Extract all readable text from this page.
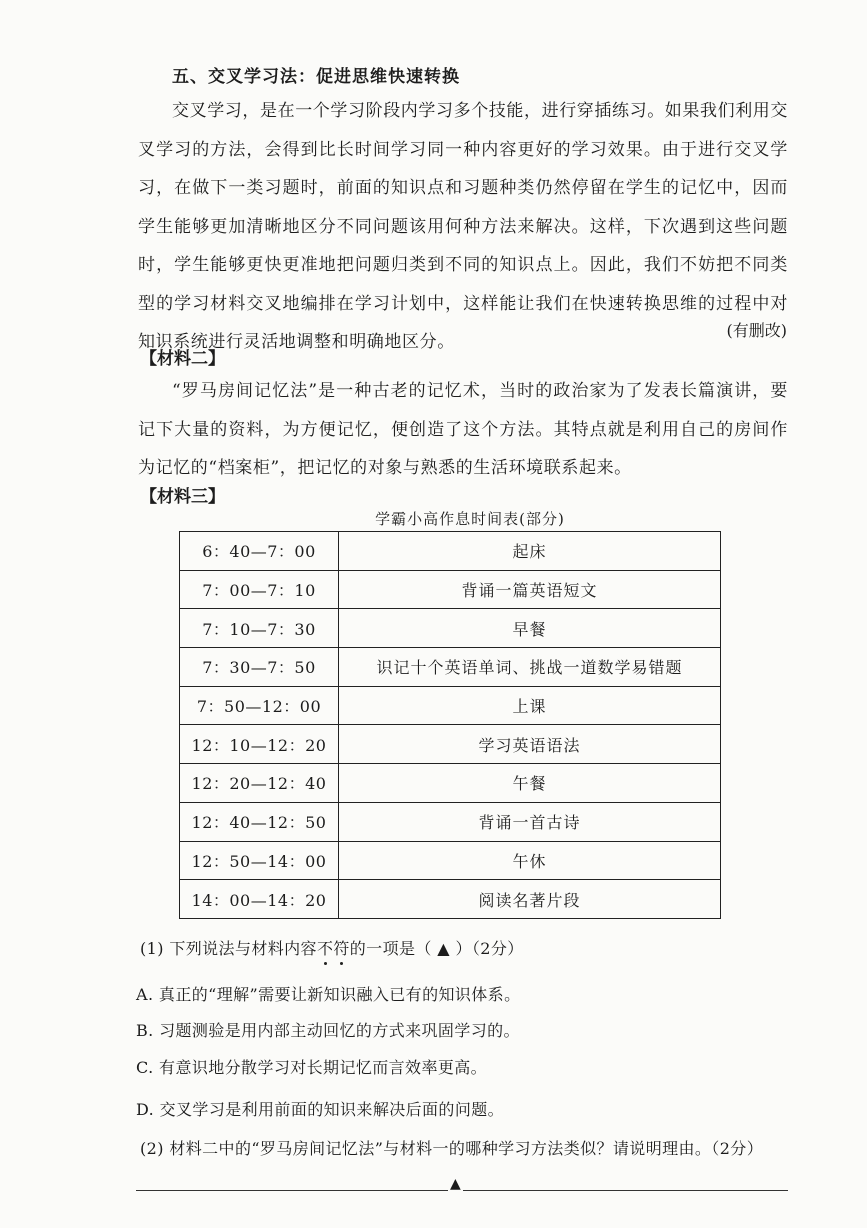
五、交叉学习法：促进思维快速转换

交叉学习，是在一个学习阶段内学习多个技能，进行穿插练习。如果我们利用交叉学习的方法，会得到比长时间学习同一种内容更好的学习效果。由于进行交叉学习，在做下一类习题时，前面的知识点和习题种类仍然停留在学生的记忆中，因而学生能够更加清晰地区分不同问题该用何种方法来解决。这样，下次遇到这些问题时，学生能够更快更准地把问题归类到不同的知识点上。因此，我们不妨把不同类型的学习材料交叉地编排在学习计划中，这样能让我们在快速转换思维的过程中对知识系统进行灵活地调整和明确地区分。

(有删改)
【材料二】

“罗马房间记忆法”是一种古老的记忆术，当时的政治家为了发表长篇演讲，要记下大量的资料，为方便记忆，便创造了这个方法。其特点就是利用自己的房间作为记忆的“档案柜”，把记忆的对象与熟悉的生活环境联系起来。

【材料三】
学霸小高作息时间表(部分)
6：40—7：00	起床
7：00—7：10	背诵一篇英语短文
7：10—7：30	早餐
7：30—7：50	识记十个英语单词、挑战一道数学易错题
7：50—12：00	上课
12：10—12：20	学习英语语法
12：20—12：40	午餐
12：40—12：50	背诵一首古诗
12：50—14：00	午休
14：00—14：20	阅读名著片段
(1) 下列说法与材料内容不符的一项是（ ▲ ）（2分）
A. 真正的“理解”需要让新知识融入已有的知识体系。
B. 习题测验是用内部主动回忆的方式来巩固学习的。
C. 有意识地分散学习对长期记忆而言效率更高。
D. 交叉学习是利用前面的知识来解决后面的问题。
(2) 材料二中的“罗马房间记忆法”与材料一的哪种学习方法类似？请说明理由。（2分）
▲
